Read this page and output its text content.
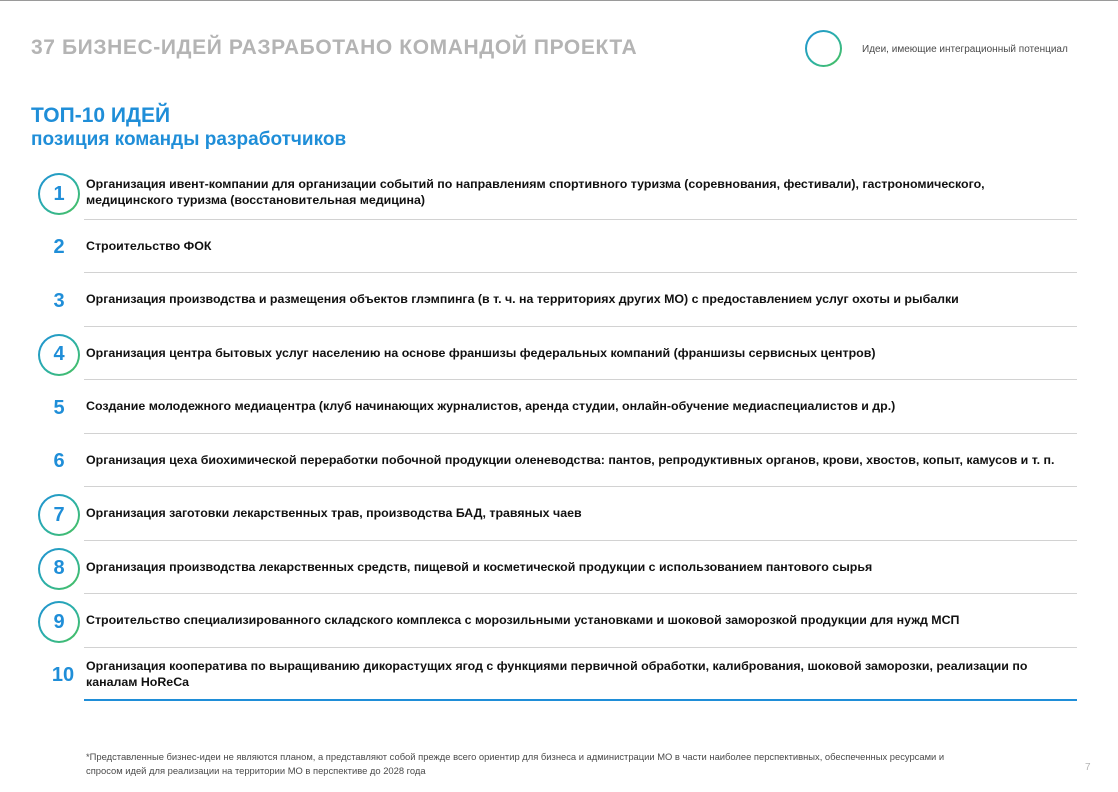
37 БИЗНЕС-ИДЕЙ РАЗРАБОТАНО КОМАНДОЙ ПРОЕКТА	Идеи, имеющие интеграционный потенциал
ТОП-10 ИДЕЙ
позиция команды разработчиков
1 Организация ивент-компании для организации событий по направлениям спортивного туризма (соревнования, фестивали), гастрономического, медицинского туризма (восстановительная медицина)
2 Строительство ФОК
3 Организация производства и размещения объектов глэмпинга (в т. ч. на территориях других МО) с предоставлением услуг охоты и рыбалки
4 Организация центра бытовых услуг населению на основе франшизы федеральных компаний (франшизы сервисных центров)
5 Создание молодежного медиацентра (клуб начинающих журналистов, аренда студии, онлайн-обучение медиаспециалистов и др.)
6 Организация цеха биохимической переработки побочной продукции оленеводства: пантов, репродуктивных органов, крови, хвостов, копыт, камусов и т. п.
7 Организация заготовки лекарственных трав, производства БАД, травяных чаев
8 Организация производства лекарственных средств, пищевой и косметической продукции с использованием пантового сырья
9 Строительство специализированного складского комплекса с морозильными установками и шоковой заморозкой продукции для нужд МСП
10 Организация кооператива по выращиванию дикорастущих ягод с функциями первичной обработки, калибрования, шоковой заморозки, реализации по каналам HoReCa
*Представленные бизнес-идеи не являются планом, а представляют собой прежде всего ориентир для бизнеса и администрации МО в части наиболее перспективных, обеспеченных ресурсами и спросом идей для реализации на территории МО в перспективе до 2028 года	7
